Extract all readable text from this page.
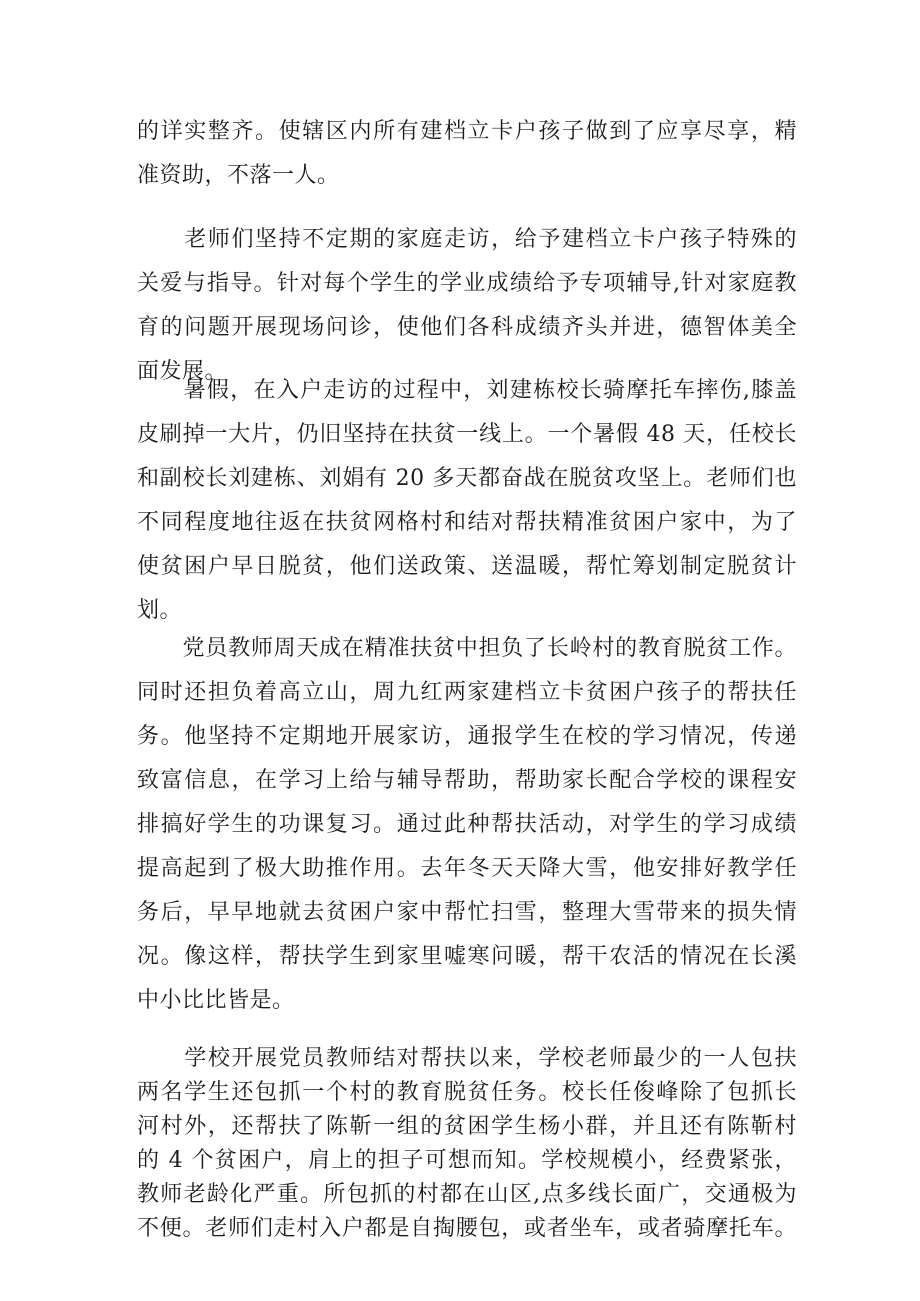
的详实整齐。使辖区内所有建档立卡户孩子做到了应享尽享，精
准资助，不落一人。
　　老师们坚持不定期的家庭走访，给予建档立卡户孩子特殊的
关爱与指导。针对每个学生的学业成绩给予专项辅导,针对家庭教
育的问题开展现场问诊，使他们各科成绩齐头并进，德智体美全
面发展。
　　暑假，在入户走访的过程中，刘建栋校长骑摩托车摔伤,膝盖
皮刷掉一大片，仍旧坚持在扶贫一线上。一个暑假 48 天，任校长
和副校长刘建栋、刘娟有 20 多天都奋战在脱贫攻坚上。老师们也
不同程度地往返在扶贫网格村和结对帮扶精准贫困户家中，为了
使贫困户早日脱贫，他们送政策、送温暖，帮忙筹划制定脱贫计
划。
　　党员教师周天成在精准扶贫中担负了长岭村的教育脱贫工作。
同时还担负着高立山，周九红两家建档立卡贫困户孩子的帮扶任
务。他坚持不定期地开展家访，通报学生在校的学习情况，传递
致富信息，在学习上给与辅导帮助，帮助家长配合学校的课程安
排搞好学生的功课复习。通过此种帮扶活动，对学生的学习成绩
提高起到了极大助推作用。去年冬天天降大雪，他安排好教学任
务后，早早地就去贫困户家中帮忙扫雪，整理大雪带来的损失情
况。像这样，帮扶学生到家里嘘寒问暖，帮干农活的情况在长溪
中小比比皆是。
　　学校开展党员教师结对帮扶以来，学校老师最少的一人包扶
两名学生还包抓一个村的教育脱贫任务。校长任俊峰除了包抓长
河村外，还帮扶了陈靳一组的贫困学生杨小群，并且还有陈靳村
的 4 个贫困户，肩上的担子可想而知。学校规模小，经费紧张，
教师老龄化严重。所包抓的村都在山区,点多线长面广，交通极为
不便。老师们走村入户都是自掏腰包，或者坐车，或者骑摩托车。
